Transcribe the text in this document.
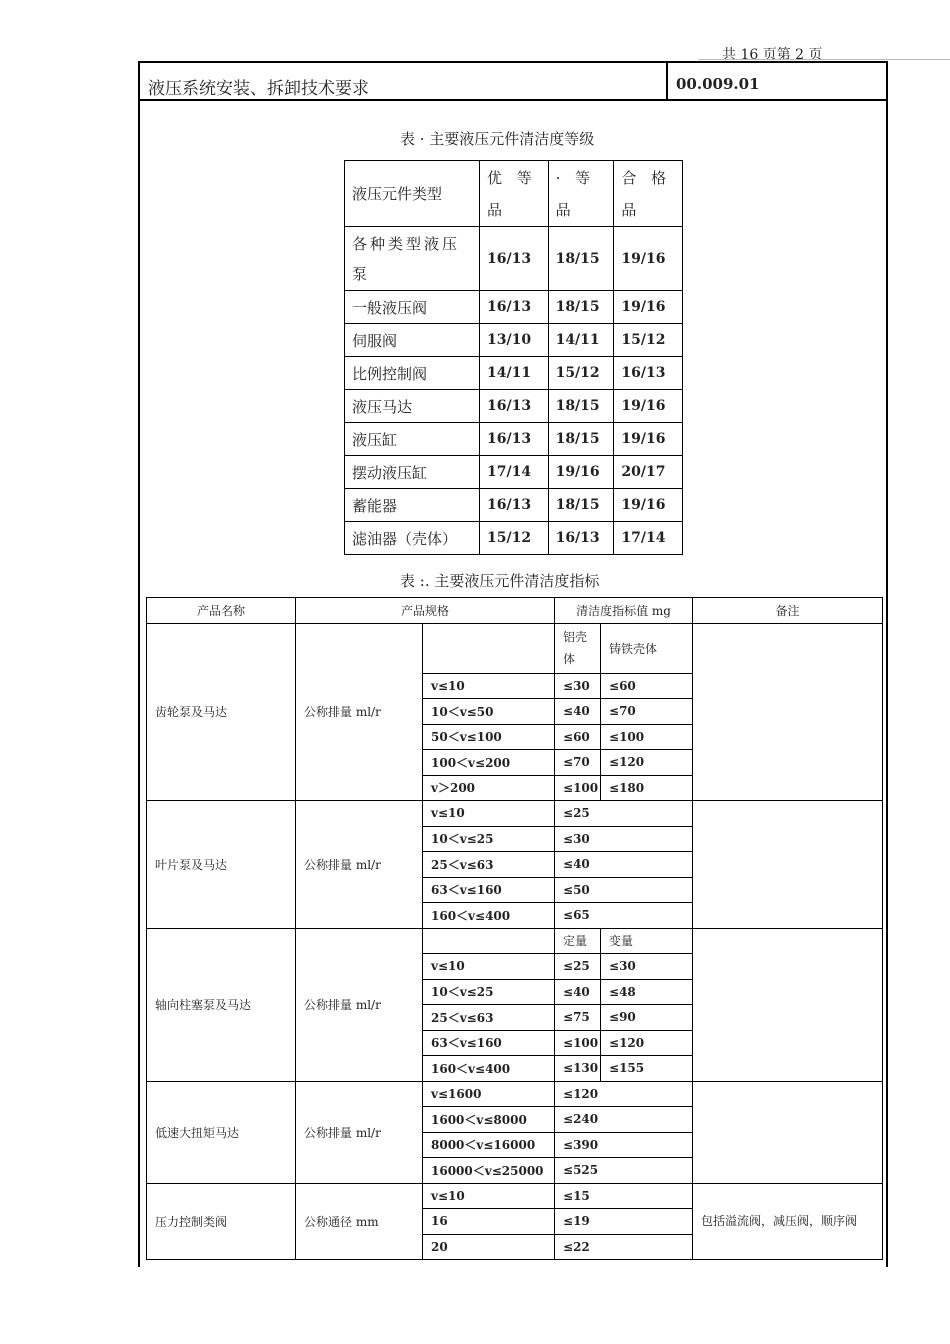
共 16 页第 2 页
液压系统安装、拆卸技术要求	00.009.01
表 · 主要液压元件清洁度等级
液压元件类型	优 等 品	· 等 品	合 格 品
各种类型液压泵	16/13	18/15	19/16
一般液压阀	16/13	18/15	19/16
伺服阀	13/10	14/11	15/12
比例控制阀	14/11	15/12	16/13
液压马达	16/13	18/15	19/16
液压缸	16/13	18/15	19/16
摆动液压缸	17/14	19/16	20/17
蓄能器	16/13	18/15	19/16
滤油器（壳体）	15/12	16/13	17/14
表 :. 主要液压元件清洁度指标
产品名称	产品规格		清洁度指标值 mg		备注
齿轮泵及马达	公称排量 ml/r		铝壳体	铸铁壳体	
		v≤10	≤30	≤60	
		10＜v≤50	≤40	≤70	
		50＜v≤100	≤60	≤100	
		100＜v≤200	≤70	≤120	
		v＞200	≤100	≤180	
叶片泵及马达	公称排量 ml/r	v≤10	≤25		
		10＜v≤25	≤30		
		25＜v≤63	≤40		
		63＜v≤160	≤50		
		160＜v≤400	≤65		
轴向柱塞泵及马达	公称排量 ml/r		定量	变量	
		v≤10	≤25	≤30	
		10＜v≤25	≤40	≤48	
		25＜v≤63	≤75	≤90	
		63＜v≤160	≤100	≤120	
		160＜v≤400	≤130	≤155	
低速大扭矩马达	公称排量 ml/r	v≤1600	≤120		
		1600＜v≤8000	≤240		
		8000＜v≤16000	≤390		
		16000＜v≤25000	≤525		
压力控制类阀	公称通径 mm	v≤10	≤15		包括溢流阀，减压阀，顺序阀
		16	≤19		
		20	≤22		
